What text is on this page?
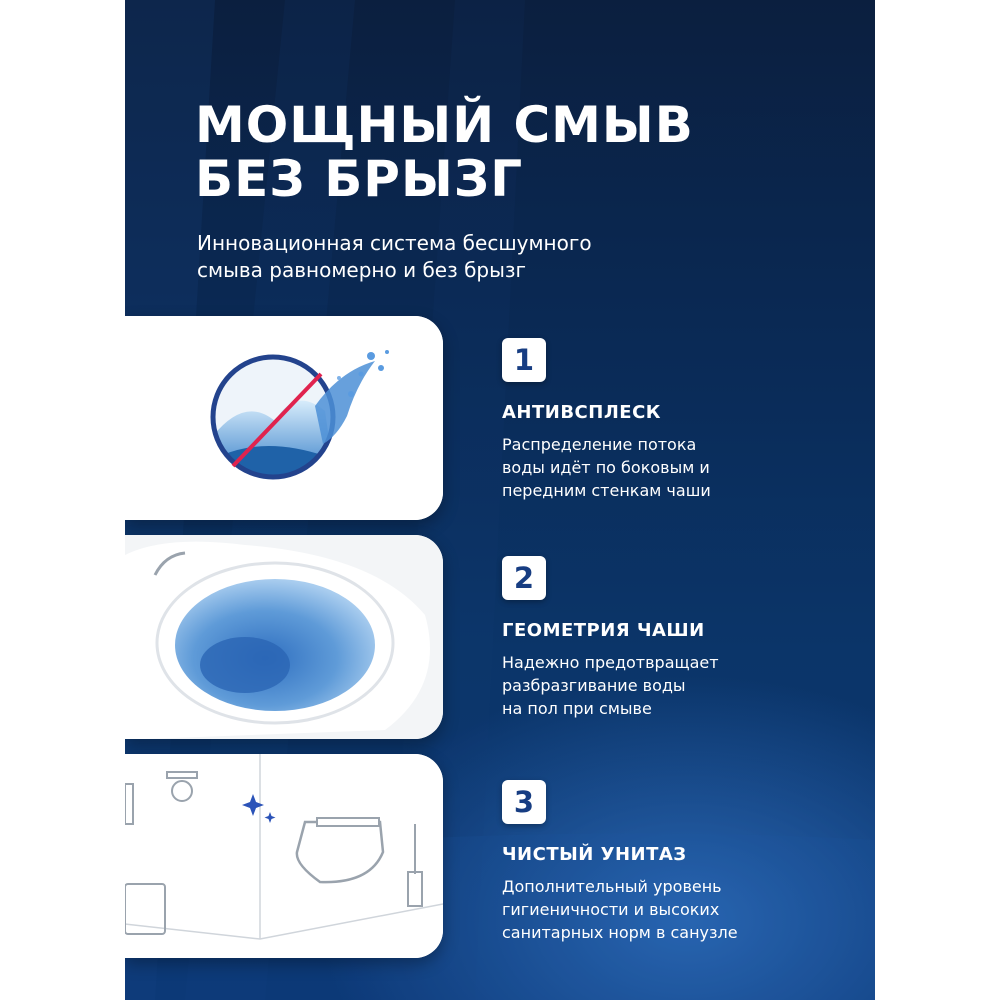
МОЩНЫЙ СМЫВ
БЕЗ БРЫЗГ

Инновационная система бесшумного
смыва равномерно и без брызг

1
АНТИВСПЛЕСК
Распределение потока
воды идёт по боковым и
передним стенкам чаши
2
ГЕОМЕТРИЯ ЧАШИ
Надежно предотвращает
разбразгивание воды
на пол при смыве
3
ЧИСТЫЙ УНИТАЗ
Дополнительный уровень
гигиеничности и высоких
санитарных норм в санузле
